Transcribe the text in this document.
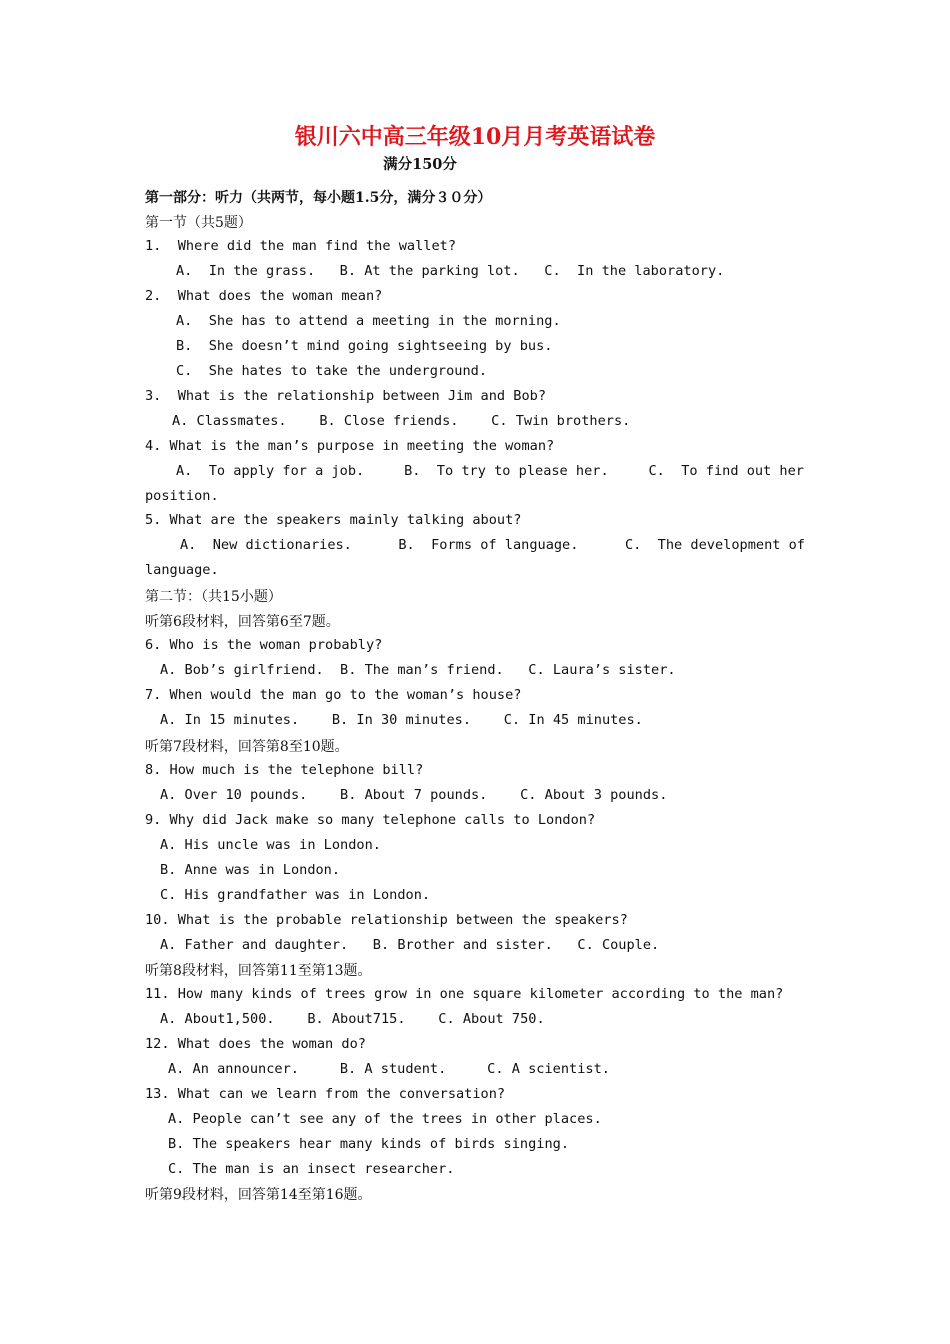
银川六中高三年级10月月考英语试卷
满分150分
第一部分：听力（共两节，每小题1.5分，满分３０分）
第一节（共5题）
1.  Where did the man find the wallet?
A.  In the grass.   B. At the parking lot.   C.  In the laboratory.
2.  What does the woman mean?
A.  She has to attend a meeting in the morning.
B.  She doesn’t mind going sightseeing by bus.
C.  She hates to take the underground.
3.  What is the relationship between Jim and Bob?
A. Classmates.    B. Close friends.    C. Twin brothers.
4. What is the man’s purpose in meeting the woman?
A.  To apply for a job.	B.  To try to please her.	C.  To find out her
position.
5. What are the speakers mainly talking about?
A.  New dictionaries.	B.  Forms of language.	C.  The development of
language.
第二节：（共15小题）
听第6段材料，回答第6至7题。
6. Who is the woman probably?
A. Bob’s girlfriend.  B. The man’s friend.   C. Laura’s sister.
7. When would the man go to the woman’s house?
A. In 15 minutes.    B. In 30 minutes.    C. In 45 minutes.
听第7段材料，回答第8至10题。
8. How much is the telephone bill?
A. Over 10 pounds.    B. About 7 pounds.    C. About 3 pounds.
9. Why did Jack make so many telephone calls to London?
A. His uncle was in London.
B. Anne was in London.
C. His grandfather was in London.
10. What is the probable relationship between the speakers?
A. Father and daughter.   B. Brother and sister.   C. Couple.
听第8段材料，回答第11至第13题。
11. How many kinds of trees grow in one square kilometer according to the man?
A. About1,500.    B. About715.    C. About 750.
12. What does the woman do?
A. An announcer.     B. A student.     C. A scientist.
13. What can we learn from the conversation?
A. People can’t see any of the trees in other places.
B. The speakers hear many kinds of birds singing.
C. The man is an insect researcher.
听第9段材料，回答第14至第16题。
